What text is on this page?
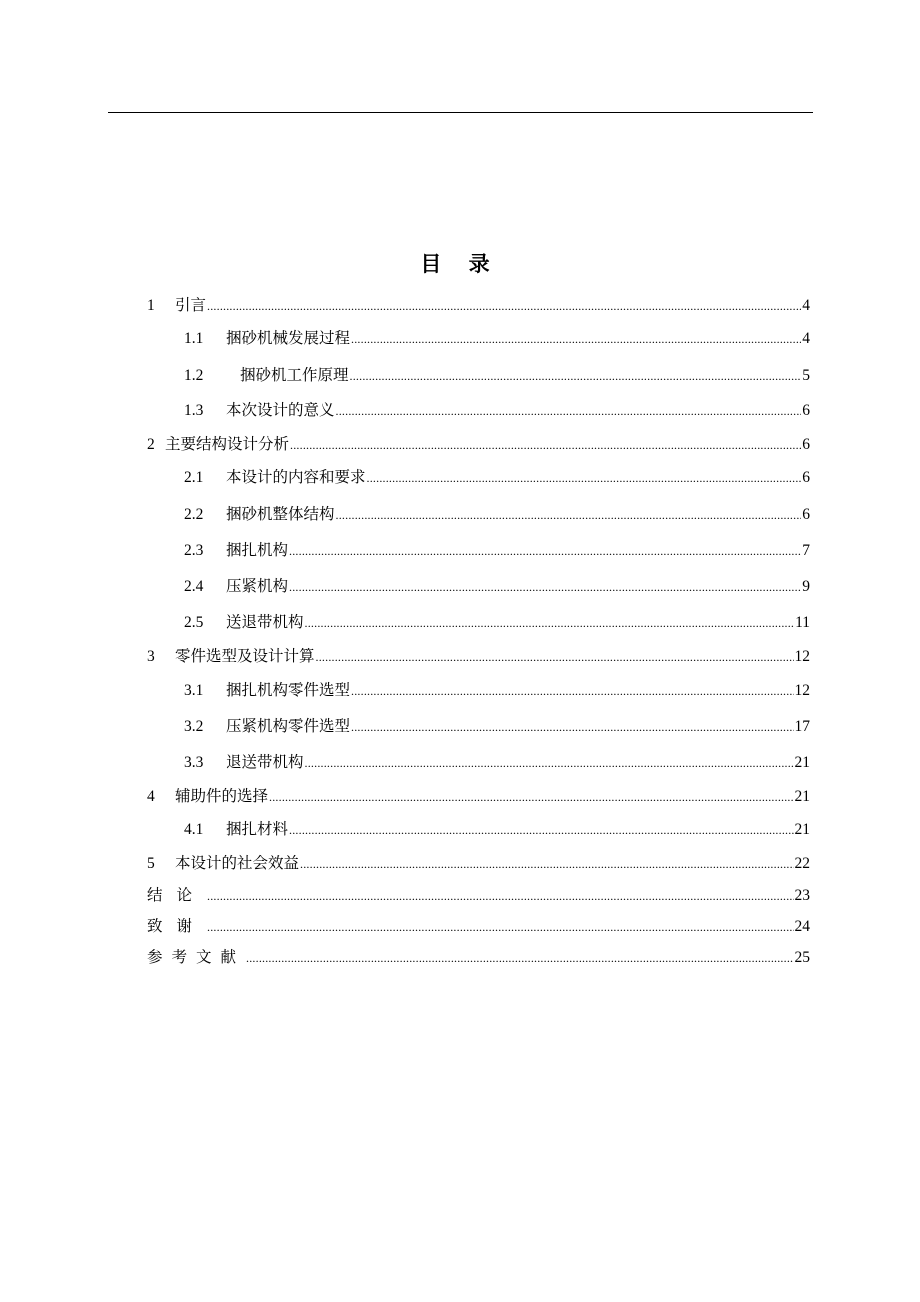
目 录
1	引言 .....	4
1.1	捆砂机械发展过程 .....	4
1.2	捆砂机工作原理 .....	5
1.3	本次设计的意义 .....	6
2 主要结构设计分析 .....	6
2.1	本设计的内容和要求 .....	6
2.2	捆砂机整体结构 .....	6
2.3	捆扎机构 .....	7
2.4	压紧机构 .....	9
2.5	送退带机构 .....	11
3	零件选型及设计计算 .....	12
3.1	捆扎机构零件选型 .....	12
3.2	压紧机构零件选型 .....	17
3.3	退送带机构 .....	21
4	辅助件的选择 .....	21
4.1	捆扎材料 .....	21
5	本设计的社会效益 .....	22
结论 .....	23
致谢 .....	24
参考文献 .....	25
